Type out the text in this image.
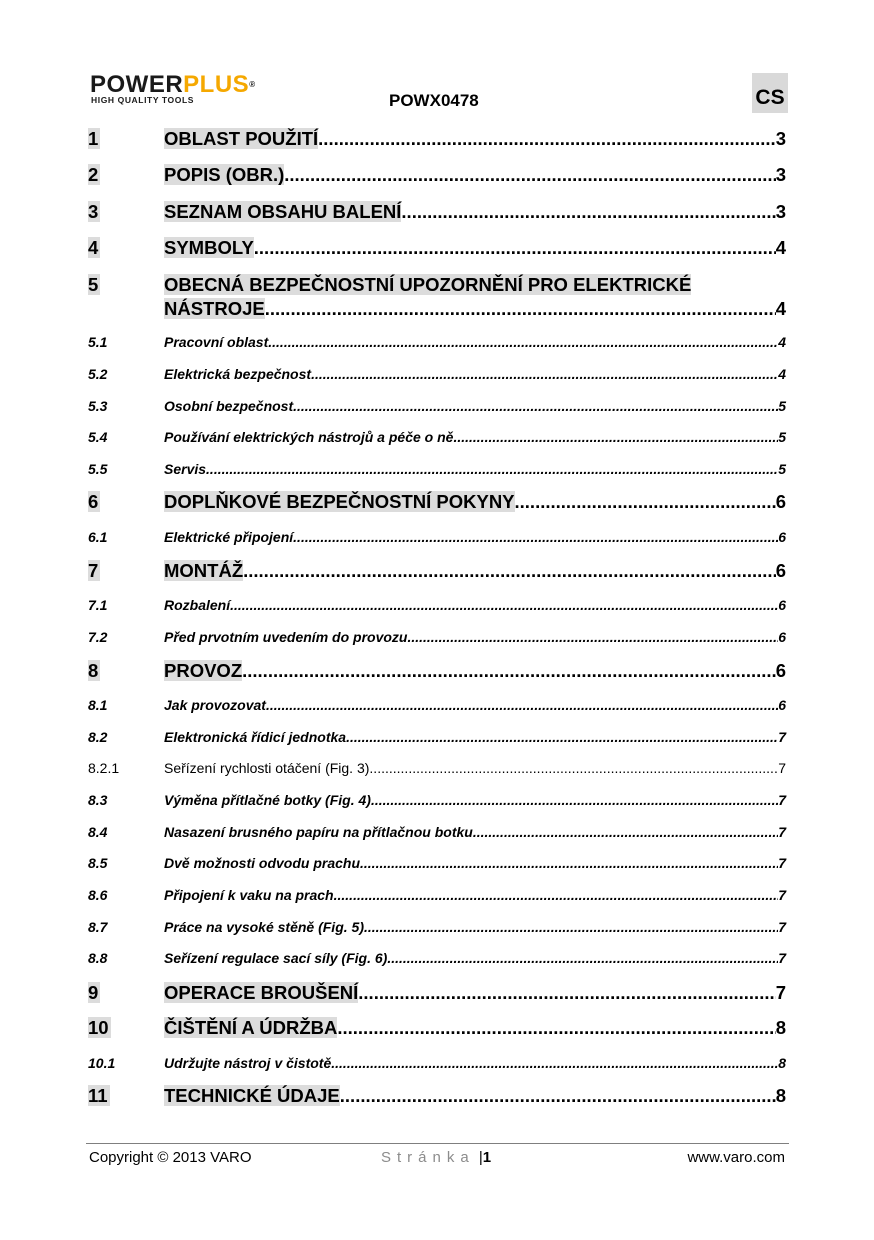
POWERPLUS®
HIGH QUALITY TOOLS	POWX0478	CS
1	OBLAST POUŽITÍ .....	3
2	POPIS (OBR.) .....	3
3	SEZNAM OBSAHU BALENÍ .....	3
4	SYMBOLY .....	4
5	OBECNÁ BEZPEČNOSTNÍ UPOZORNĚNÍ PRO ELEKTRICKÉ
NÁSTROJE .....	4
5.1	Pracovní oblast .....	4
5.2	Elektrická bezpečnost .....	4
5.3	Osobní bezpečnost .....	5
5.4	Používání elektrických nástrojů a péče o ně .....	5
5.5	Servis .....	5
6	DOPLŇKOVÉ BEZPEČNOSTNÍ POKYNY .....	6
6.1	Elektrické připojení .....	6
7	MONTÁŽ .....	6
7.1	Rozbalení .....	6
7.2	Před prvotním uvedením do provozu .....	6
8	PROVOZ .....	6
8.1	Jak provozovat .....	6
8.2	Elektronická řídicí jednotka .....	7
8.2.1	Seřízení rychlosti otáčení (Fig. 3) .....	7
8.3	Výměna přítlačné botky (Fig. 4) .....	7
8.4	Nasazení brusného papíru na přítlačnou botku .....	7
8.5	Dvě možnosti odvodu prachu .....	7
8.6	Připojení k vaku na prach .....	7
8.7	Práce na vysoké stěně (Fig. 5) .....	7
8.8	Seřízení regulace sací síly (Fig. 6) .....	7
9	OPERACE BROUŠENÍ .....	7
10	ČIŠTĚNÍ A ÚDRŽBA .....	8
10.1	Udržujte nástroj v čistotě .....	8
11	TECHNICKÉ ÚDAJE .....	8
Copyright © 2013 VARO	Stránka |1	www.varo.com
